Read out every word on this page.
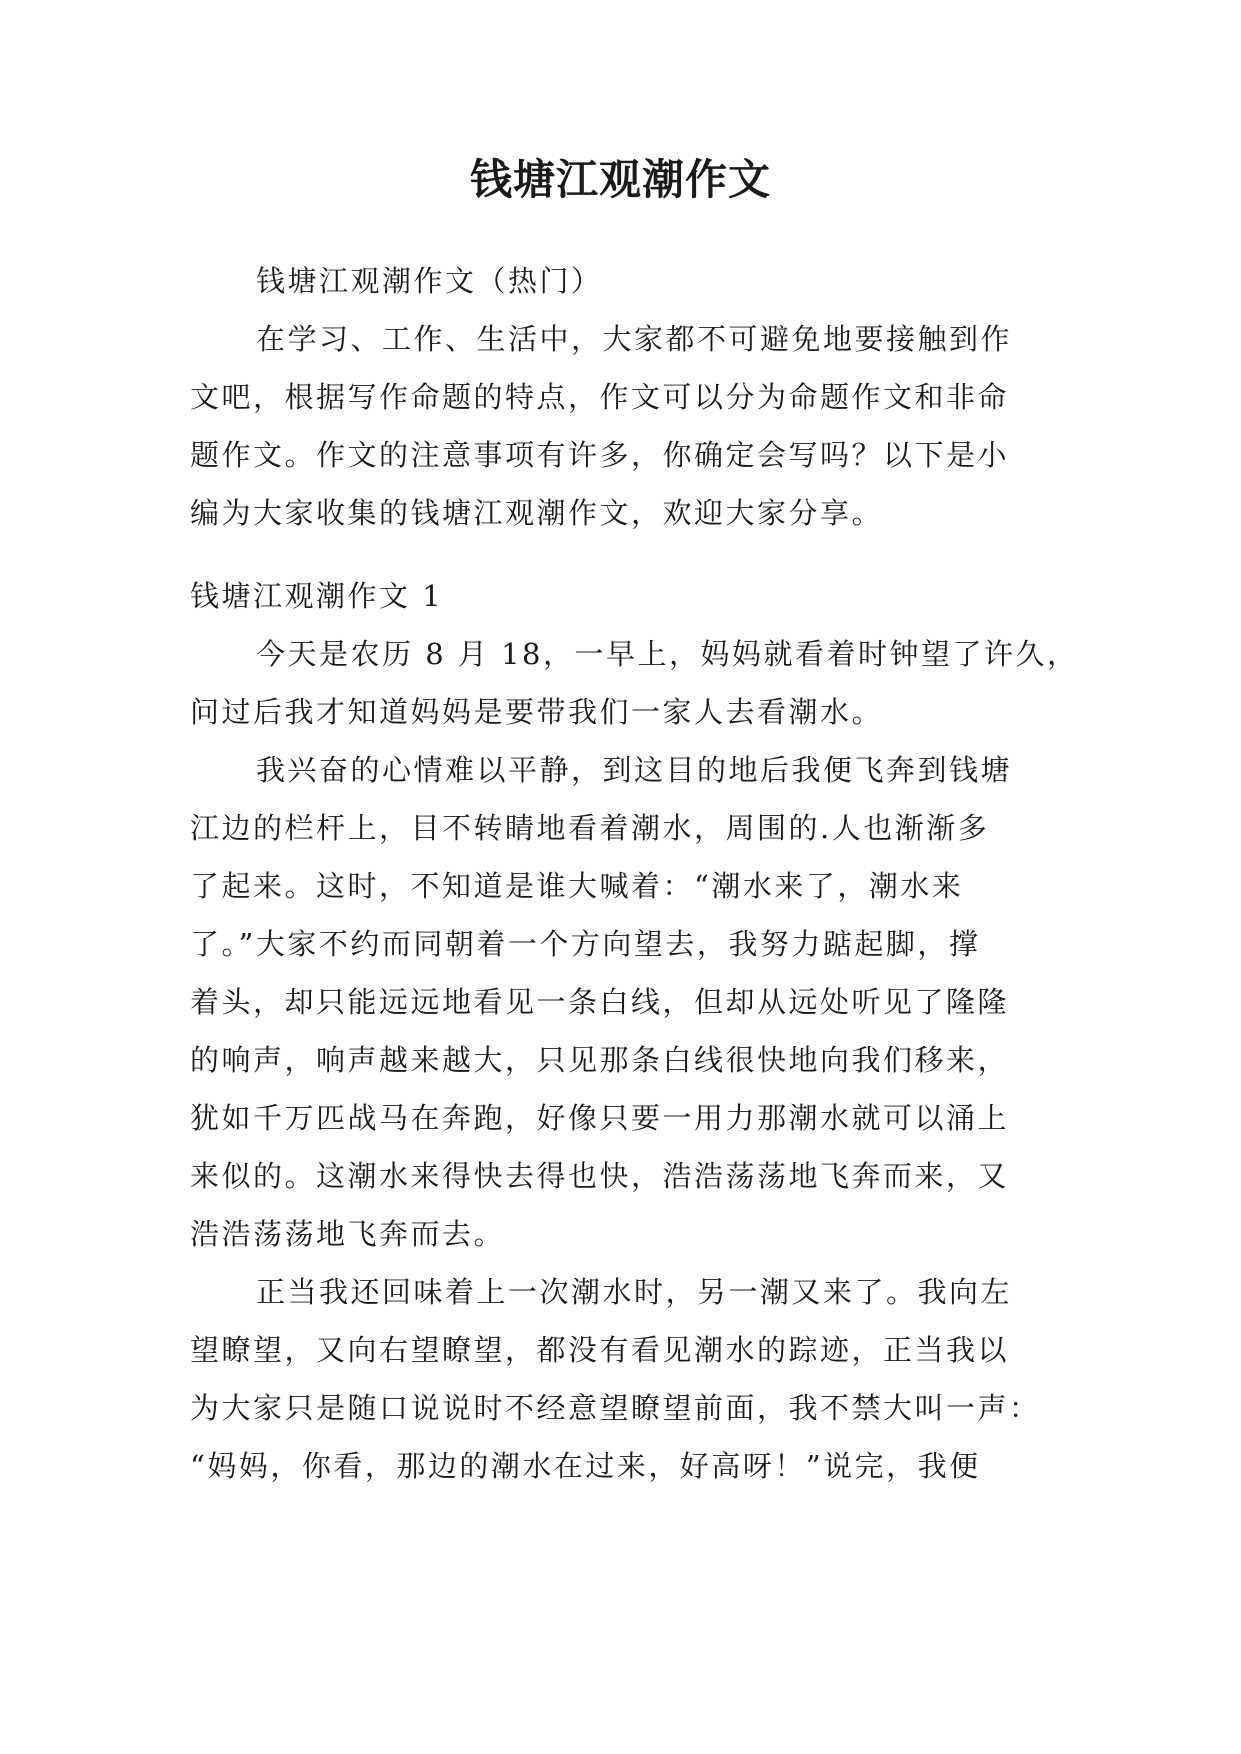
钱塘江观潮作文
钱塘江观潮作文（热门）
在学习、工作、生活中，大家都不可避免地要接触到作
文吧，根据写作命题的特点，作文可以分为命题作文和非命
题作文。作文的注意事项有许多，你确定会写吗？以下是小
编为大家收集的钱塘江观潮作文，欢迎大家分享。
钱塘江观潮作文 1
今天是农历 8 月 18，一早上，妈妈就看着时钟望了许久，
问过后我才知道妈妈是要带我们一家人去看潮水。
我兴奋的心情难以平静，到这目的地后我便飞奔到钱塘
江边的栏杆上，目不转睛地看着潮水，周围的.人也渐渐多
了起来。这时，不知道是谁大喊着：“潮水来了，潮水来
了。”大家不约而同朝着一个方向望去，我努力踮起脚，撑
着头，却只能远远地看见一条白线，但却从远处听见了隆隆
的响声，响声越来越大，只见那条白线很快地向我们移来，
犹如千万匹战马在奔跑，好像只要一用力那潮水就可以涌上
来似的。这潮水来得快去得也快，浩浩荡荡地飞奔而来，又
浩浩荡荡地飞奔而去。
正当我还回味着上一次潮水时，另一潮又来了。我向左
望瞭望，又向右望瞭望，都没有看见潮水的踪迹，正当我以
为大家只是随口说说时不经意望瞭望前面，我不禁大叫一声：
“妈妈，你看，那边的潮水在过来，好高呀！”说完，我便
